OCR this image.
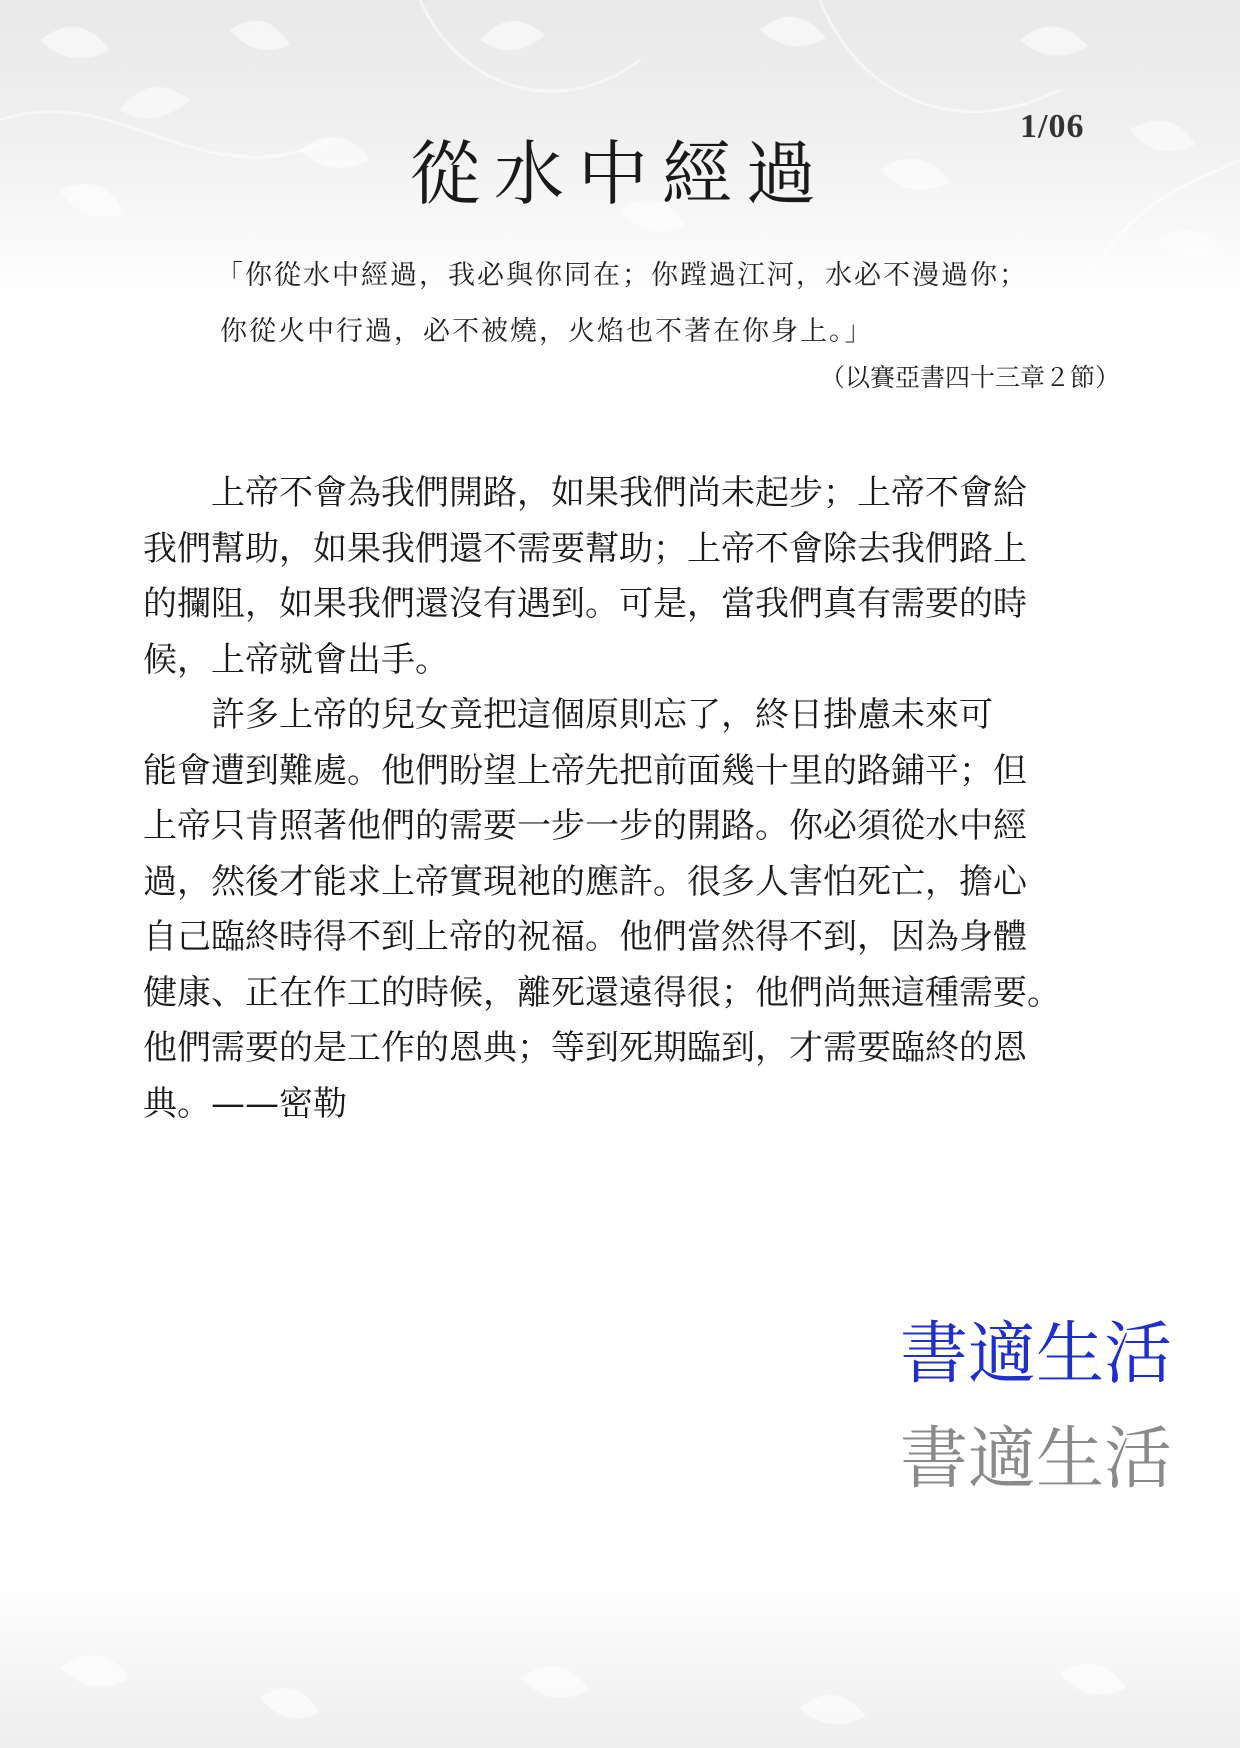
1/06
從水中經過
「你從水中經過，我必與你同在；你蹚過江河，水必不漫過你；
你從火中行過，必不被燒，火焰也不著在你身上。」
（以賽亞書四十三章２節）
　　上帝不會為我們開路，如果我們尚未起步；上帝不會給
我們幫助，如果我們還不需要幫助；上帝不會除去我們路上
的攔阻，如果我們還沒有遇到。可是，當我們真有需要的時
候，上帝就會出手。
　　許多上帝的兒女竟把這個原則忘了，終日掛慮未來可
能會遭到難處。他們盼望上帝先把前面幾十里的路鋪平；但
上帝只肯照著他們的需要一步一步的開路。你必須從水中經
過，然後才能求上帝實現祂的應許。很多人害怕死亡，擔心
自己臨終時得不到上帝的祝福。他們當然得不到，因為身體
健康、正在作工的時候，離死還遠得很；他們尚無這種需要。
他們需要的是工作的恩典；等到死期臨到，才需要臨終的恩
典。——密勒
書適生活
書適生活
